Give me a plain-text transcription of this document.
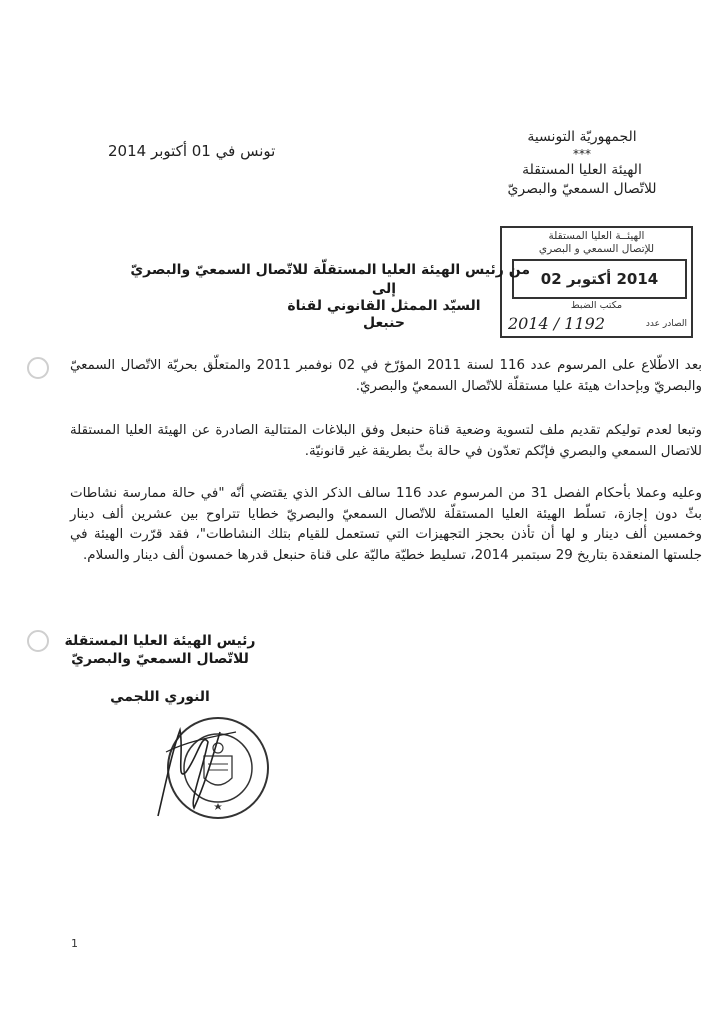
الجمهوريّة التونسية
***
الهيئة العليا المستقلة
للاتّصال السمعيّ والبصريّ
تونس في 01 أكتوبر 2014
الهيئــة العليا المستقلة
للإتصال السمعي و البصري
2014 أكتوبر 02
مكتب الضبط
الصادر عدد
2014 / 1192
من رئيس الهيئة العليا المستقلّة للاتّصال السمعيّ والبصريّ
إلى
السيّد الممثل القانوني لقناة حنبعل
بعد الاطّلاع على المرسوم عدد 116 لسنة 2011 المؤرّخ في 02 نوفمبر 2011 والمتعلّق بحريّة الاتّصال السمعيّ والبصريّ وبإحداث هيئة عليا مستقلّة للاتّصال السمعيّ والبصريّ.
وتبعا لعدم توليكم تقديم ملف لتسوية وضعية قناة حنبعل وفق البلاغات المتتالية الصادرة عن الهيئة العليا المستقلة للاتصال السمعي والبصري فإنّكم تعدّون في حالة بثّ بطريقة غير قانونيّة.
وعليه وعملا بأحكام الفصل 31 من المرسوم عدد 116 سالف الذكر الذي يقتضي أنّه "في حالة ممارسة نشاطات بثّ دون إجازة، تسلّط الهيئة العليا المستقلّة للاتّصال السمعيّ والبصريّ خطايا تتراوح بين عشرين ألف دينار وخمسين ألف دينار و لها أن تأذن بحجز التجهيزات التي تستعمل للقيام بتلك النشاطات"، فقد قرّرت الهيئة في جلستها المنعقدة بتاريخ 29 سبتمبر 2014، تسليط خطيّة ماليّة على قناة حنبعل قدرها خمسون ألف دينار والسلام.
رئيس الهيئة العليا المستقلة
للاتّصال السمعيّ والبصريّ
النوري اللجمي
1
